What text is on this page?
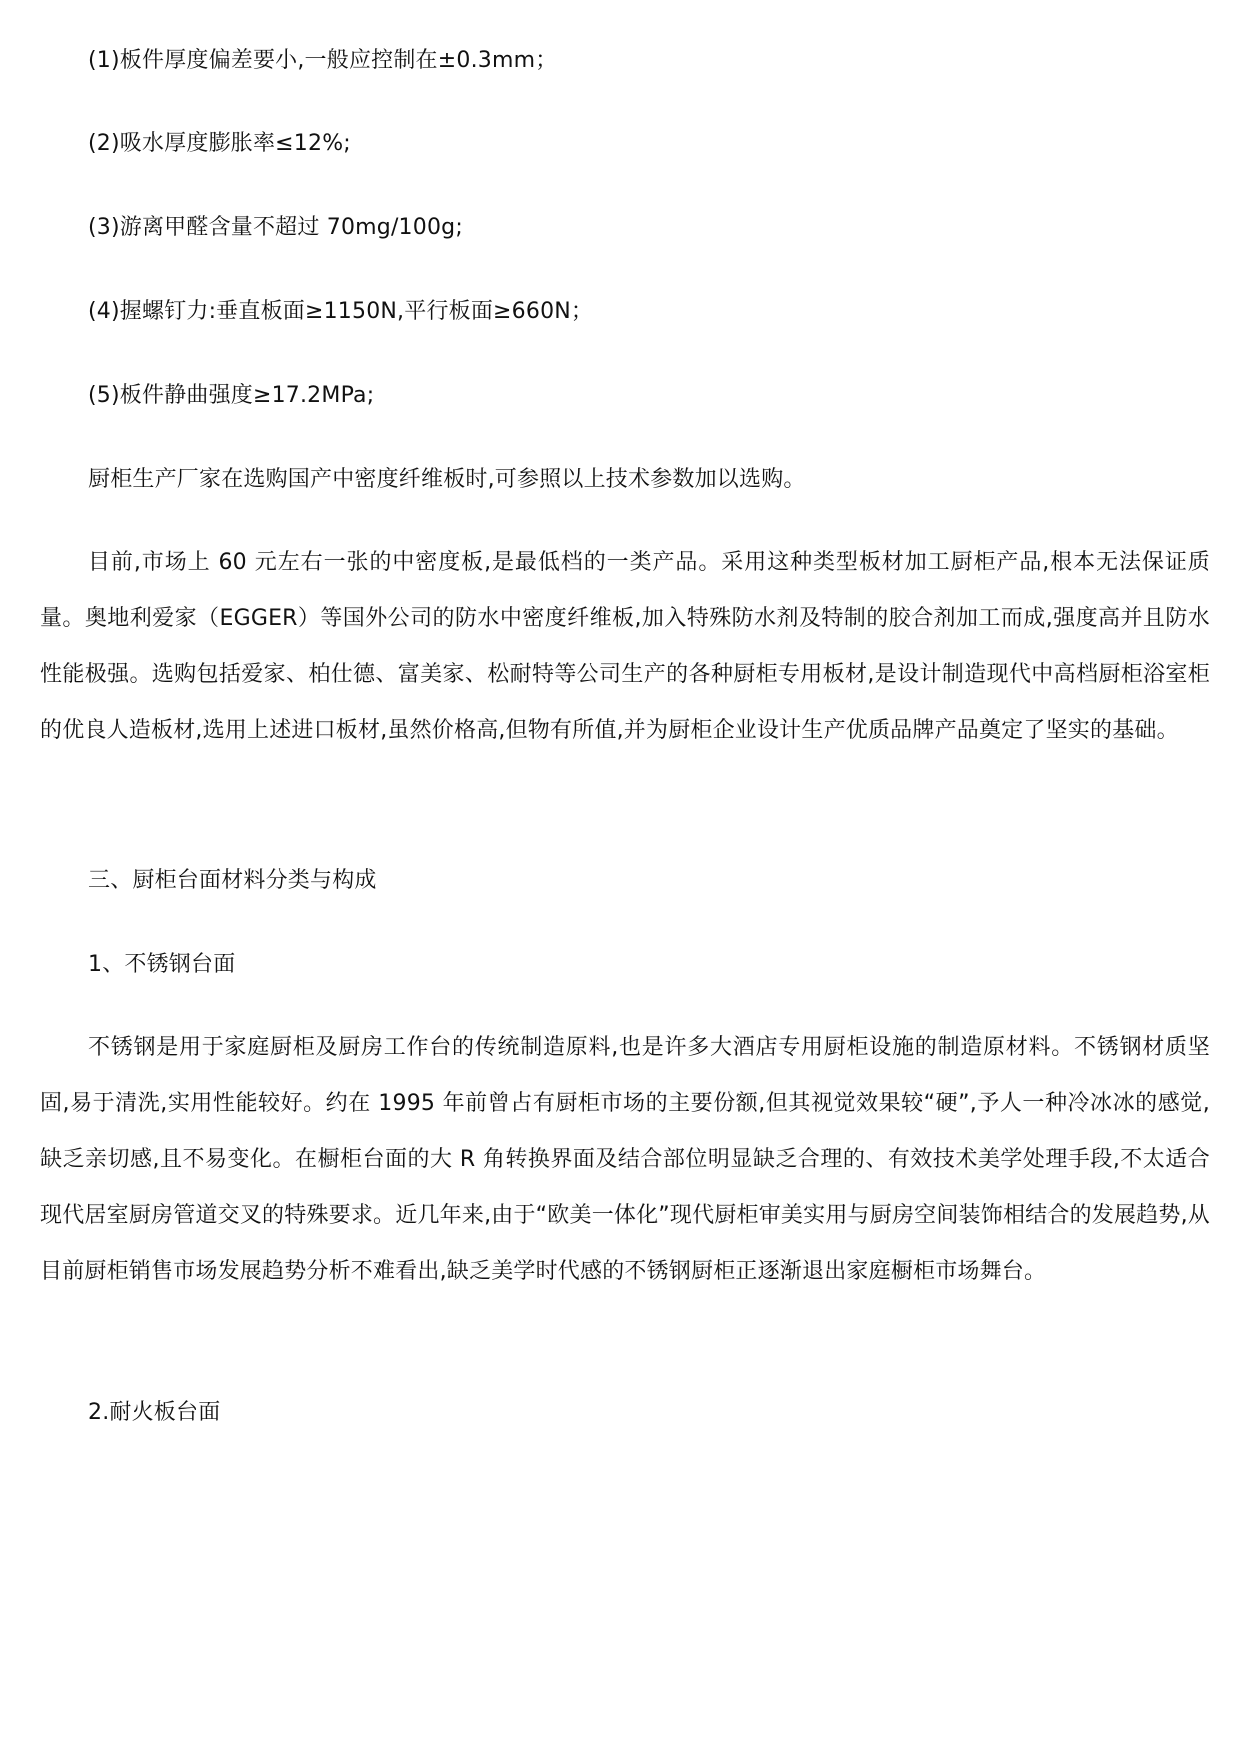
(1)板件厚度偏差要小,一般应控制在±0.3mm；
(2)吸水厚度膨胀率≤12%;
(3)游离甲醛含量不超过 70mg/100g;
(4)握螺钉力:垂直板面≥1150N,平行板面≥660N；
(5)板件静曲强度≥17.2MPa;
厨柜生产厂家在选购国产中密度纤维板时,可参照以上技术参数加以选购。
目前,市场上 60 元左右一张的中密度板,是最低档的一类产品。采用这种类型板材加工厨柜产品,根本无法保证质量。奥地利爱家（EGGER）等国外公司的防水中密度纤维板,加入特殊防水剂及特制的胶合剂加工而成,强度高并且防水性能极强。选购包括爱家、柏仕德、富美家、松耐特等公司生产的各种厨柜专用板材,是设计制造现代中高档厨柜浴室柜的优良人造板材,选用上述进口板材,虽然价格高,但物有所值,并为厨柜企业设计生产优质品牌产品奠定了坚实的基础。
三、厨柜台面材料分类与构成
1、不锈钢台面
不锈钢是用于家庭厨柜及厨房工作台的传统制造原料,也是许多大酒店专用厨柜设施的制造原材料。不锈钢材质坚固,易于清洗,实用性能较好。约在 1995 年前曾占有厨柜市场的主要份额,但其视觉效果较“硬”,予人一种冷冰冰的感觉,缺乏亲切感,且不易变化。在橱柜台面的大 R 角转换界面及结合部位明显缺乏合理的、有效技术美学处理手段,不太适合现代居室厨房管道交叉的特殊要求。近几年来,由于“欧美一体化”现代厨柜审美实用与厨房空间装饰相结合的发展趋势,从目前厨柜销售市场发展趋势分析不难看出,缺乏美学时代感的不锈钢厨柜正逐渐退出家庭橱柜市场舞台。
2.耐火板台面
